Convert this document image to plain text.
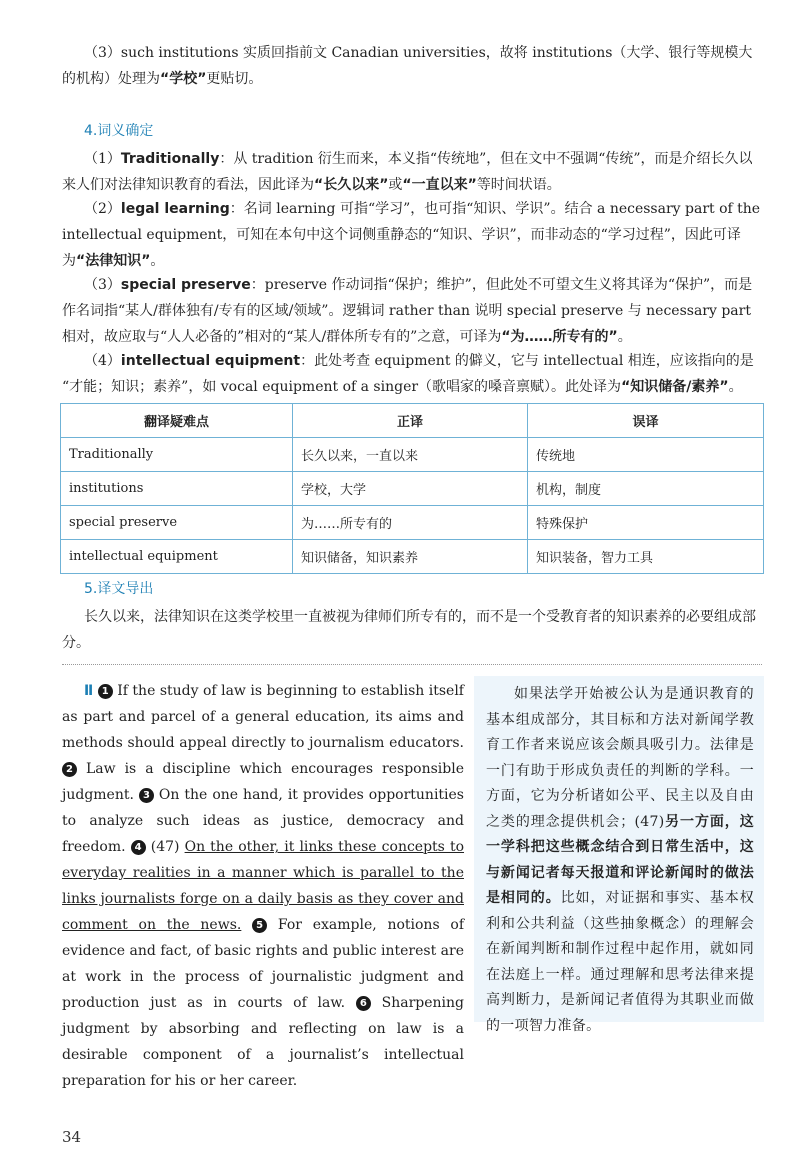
（3）such institutions 实质回指前文 Canadian universities，故将 institutions（大学、银行等规模大的机构）处理为“学校”更贴切。

4.词义确定

（1）Traditionally：从 tradition 衍生而来，本义指“传统地”，但在文中不强调“传统”，而是介绍长久以来人们对法律知识教育的看法，因此译为“长久以来”或“一直以来”等时间状语。

（2）legal learning：名词 learning 可指“学习”，也可指“知识、学识”。结合 a necessary part of the intellectual equipment，可知在本句中这个词侧重静态的“知识、学识”，而非动态的“学习过程”，因此可译为“法律知识”。

（3）special preserve：preserve 作动词指“保护；维护”，但此处不可望文生义将其译为“保护”，而是作名词指“某人/群体独有/专有的区域/领域”。逻辑词 rather than 说明 special preserve 与 necessary part 相对，故应取与“人人必备的”相对的“某人/群体所专有的”之意，可译为“为……所专有的”。

（4）intellectual equipment：此处考查 equipment 的僻义，它与 intellectual 相连，应该指向的是 “才能；知识；素养”，如 vocal equipment of a singer（歌唱家的嗓音禀赋）。此处译为“知识储备/素养”。

翻译疑难点	正译	误译
Traditionally	长久以来，一直以来	传统地
institutions	学校，大学	机构，制度
special preserve	为……所专有的	特殊保护
intellectual equipment	知识储备，知识素养	知识装备，智力工具

5.译文导出

长久以来，法律知识在这类学校里一直被视为律师们所专有的，而不是一个受教育者的知识素养的必要组成部分。

Ⅱ 1 If the study of law is beginning to establish itself as part and parcel of a general education, its aims and methods should appeal directly to journalism educators. 2 Law is a discipline which encourages responsible judgment. 3 On the one hand, it provides opportunities to analyze such ideas as justice, democracy and freedom. 4 (47) On the other, it links these concepts to everyday realities in a manner which is parallel to the links journalists forge on a daily basis as they cover and comment on the news. 5 For example, notions of evidence and fact, of basic rights and public interest are at work in the process of journalistic judgment and production just as in courts of law. 6 Sharpening judgment by absorbing and reflecting on law is a desirable component of a journalist’s intellectual preparation for his or her career.

如果法学开始被公认为是通识教育的基本组成部分，其目标和方法对新闻学教育工作者来说应该会颇具吸引力。法律是一门有助于形成负责任的判断的学科。一方面，它为分析诸如公平、民主以及自由之类的理念提供机会；(47)另一方面，这一学科把这些概念结合到日常生活中，这与新闻记者每天报道和评论新闻时的做法是相同的。比如，对证据和事实、基本权利和公共利益（这些抽象概念）的理解会在新闻判断和制作过程中起作用，就如同在法庭上一样。通过理解和思考法律来提高判断力，是新闻记者值得为其职业而做的一项智力准备。

34
